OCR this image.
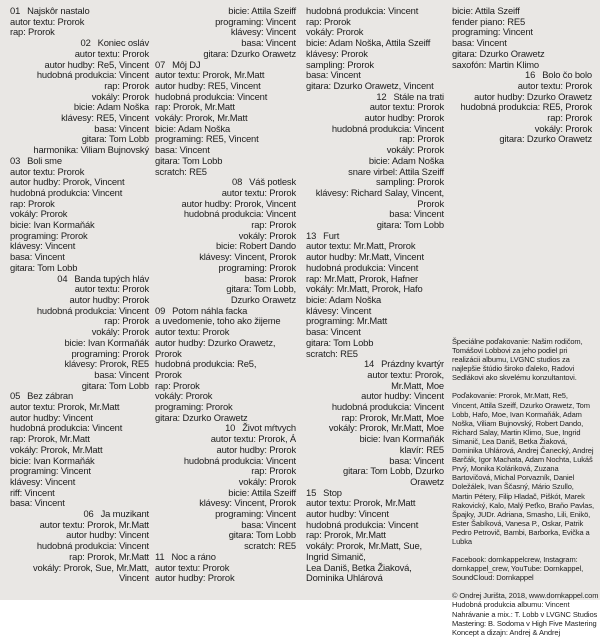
Špeciálne poďakovanie: Našim rodičom, Tomášovi Lobbovi za jeho podiel pri realizácii albumu, LVGNC studios za najlepšie štúdio široko ďaleko, Radovi Sedlákovi ako skvelému konzultantovi.

Poďakovanie: Prorok, Mr.Matt, Re5, Vincent, Attila Szeiff, Dzurko Orawetz, Tom Lobb, Hafo, Moe, Ivan Kormaňák, Adam Noška, Viliam Bujnovský, Robert Dando, Richard Salay, Martin Klimo, Sue, Ingrid Simanič, Lea Daniš, Betka Žiaková, Dominika Uhlárová, Andrej Čanecký, Andrej Barčák, Igor Machata, Adam Nochta, Lukáš Prvý, Monika Koláriková, Zuzana Bartovičová, Michal Porvazník, Daniel Doležálek, Ivan Ščasný, Mário Szullo, Martin Pétery, Filip Hladač, Piškót, Marek Rakovický, Kalo, Malý Peťko, Braňo Pavlas, Špajky, JUDr. Adriana, Smasho, Lili, Enikö, Ester Šabíková, Vanesa P., Oskar, Patrik Pedro Petrovič, Bambi, Barborka, Evička a Lubka

Facebook: dornkappelcrew, Instagram: dornkappel_crew, YouTube: Dornkappel, SoundCloud: Dornkappel

© Ondrej Jurišta, 2018, www.dornkappel.com
Hudobná produkcia albumu: Vincent
Nahrávanie a mix.: T. Lobb v LVGNC Studios
Mastering: B. Sodoma v High Five Mastering
Koncept a dizajn: Andrej & Andrej
01 Najskôr nastalo
autor textu: Prorok
rap: Prorok
02 Koniec osláv
autor textu: Prorok
autor hudby: Re5, Vincent
hudobná produkcia: Vincent
rap: Prorok
vokály: Prorok
bicie: Adam Noška
klávesy: RE5, Vincent
basa: Vincent
gitara: Tom Lobb
harmonika: Viliam Bujnovský
03 Boli sme
autor textu: Prorok
autor hudby: Prorok, Vincent
hudobná produkcia: Vincent
rap: Prorok
vokály: Prorok
bicie: Ivan Kormaňák
programing: Prorok
klávesy: Vincent
basa: Vincent
gitara: Tom Lobb
04 Banda tupých hláv
autor textu: Prorok
autor hudby: Prorok
hudobná produkcia: Vincent
rap: Prorok
vokály: Prorok
bicie: Ivan Kormaňák
programing: Prorok
klávesy: Prorok, RE5
basa: Vincent
gitara: Tom Lobb
05 Bez zábran
autor textu: Prorok, Mr.Matt
autor hudby: Vincent
hudobná produkcia: Vincent
rap: Prorok, Mr.Matt
vokály: Prorok, Mr.Matt
bicie: Ivan Kormaňák
programing: Vincent
klávesy: Vincent
riff: Vincent
basa: Vincent
06 Ja muzikant
autor textu: Prorok, Mr.Matt
autor hudby: Vincent
hudobná produkcia: Vincent
rap: Prorok, Mr.Matt
vokály: Prorok, Sue, Mr.Matt,
Vincent
bicie: Attila Szeiff
programing: Vincent
klávesy: Vincent
basa: Vincent
gitara: Dzurko Orawetz
07 Môj DJ
autor textu: Prorok, Mr.Matt
autor hudby: RE5, Vincent
hudobná produkcia: Vincent
rap: Prorok, Mr.Matt
vokály: Prorok, Mr.Matt
bicie: Adam Noška
programing: RE5, Vincent
basa: Vincent
gitara: Tom Lobb
scratch: RE5
08 Váš potlesk
autor textu: Prorok
autor hudby: Prorok, Vincent
hudobná produkcia: Vincent
rap: Prorok
vokály: Prorok
bicie: Robert Dando
klávesy: Vincent, Prorok
programing: Prorok
basa: Prorok
gitara: Tom Lobb,
Dzurko Orawetz
09 Potom náhla facka
a uvedomenie, toho ako žijeme
autor textu: Prorok
autor hudby: Dzurko Orawetz,
Prorok
hudobná produkcia: Re5,
Prorok
rap: Prorok
vokály: Prorok
programing: Prorok
gitara: Dzurko Orawetz
10 Život mŕtvych
autor textu: Prorok, Á
autor hudby: Prorok
hudobná produkcia: Vincent
rap: Prorok
vokály: Prorok
bicie: Attila Szeiff
klávesy: Vincent, Prorok
programing: Vincent
basa: Vincent
gitara: Tom Lobb
scratch: RE5
11 Noc a ráno
autor textu: Prorok
autor hudby: Prorok
hudobná produkcia: Vincent
rap: Prorok
vokály: Prorok
bicie: Adam Noška, Attila Szeiff
klávesy: Prorok
sampling: Prorok
basa: Vincent
gitara: Dzurko Orawetz, Vincent
12 Stále na trati
autor textu: Prorok
autor hudby: Prorok
hudobná produkcia: Vincent
rap: Prorok
vokály: Prorok
bicie: Adam Noška
snare virbel: Attila Szeiff
sampling: Prorok
klávesy: Richard Salay, Vincent,
Prorok
basa: Vincent
gitara: Tom Lobb
13 Furt
autor textu: Mr.Matt, Prorok
autor hudby: Mr.Matt, Vincent
hudobná produkcia: Vincent
rap: Mr.Matt, Prorok, Hafner
vokály: Mr.Matt, Prorok, Hafo
bicie: Adam Noška
klávesy: Vincent
programing: Mr.Matt
basa: Vincent
gitara: Tom Lobb
scratch: RE5
14 Prázdny kvartýr
autor textu: Prorok,
Mr.Matt, Moe
autor hudby: Vincent
hudobná produkcia: Vincent
rap: Prorok, Mr.Matt, Moe
vokály: Prorok, Mr.Matt, Moe
bicie: Ivan Kormaňák
klavír: RE5
basa: Vincent
gitara: Tom Lobb, Dzurko
Orawetz
15 Stop
autor textu: Prorok, Mr.Matt
autor hudby: Vincent
hudobná produkcia: Vincent
rap: Prorok, Mr.Matt
vokály: Prorok, Mr.Matt, Sue,
Ingrid Simanič,
Lea Daniš, Betka Žiaková,
Dominika Uhlárová
bicie: Attila Szeiff
fender piano: RE5
programing: Vincent
basa: Vincent
gitara: Dzurko Orawetz
saxofón: Martin Klimo
16 Bolo čo bolo
autor textu: Prorok
autor hudby: Dzurko Orawetz
hudobná produkcia: RE5, Prorok
rap: Prorok
vokály: Prorok
gitara: Dzurko Orawetz
